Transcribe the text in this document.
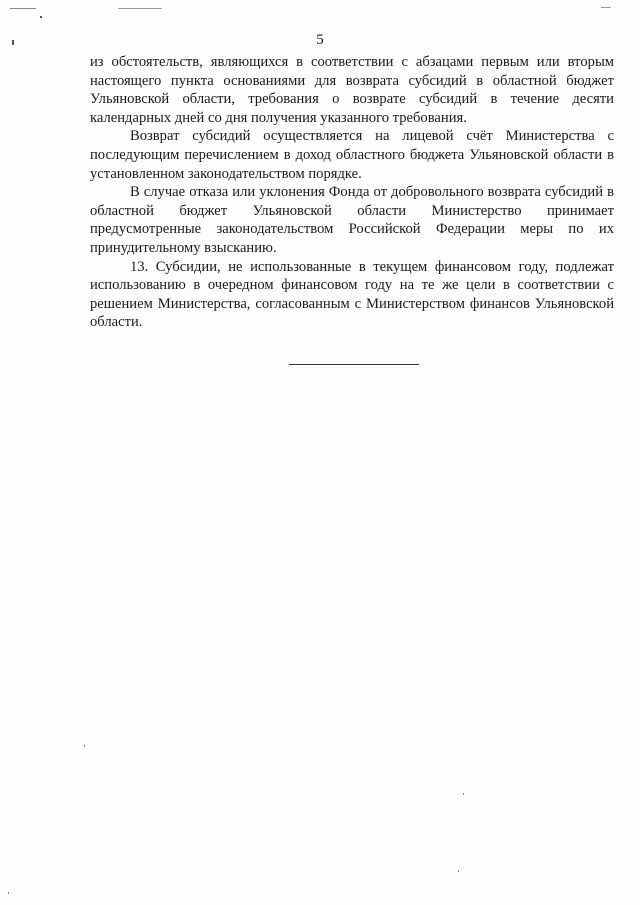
5

из обстоятельств, являющихся в соответствии с абзацами первым или вторым настоящего пункта основаниями для возврата субсидий в областной бюджет Ульяновской области, требования о возврате субсидий в течение десяти календарных дней со дня получения указанного требования.

Возврат субсидий осуществляется на лицевой счёт Министерства с последующим перечислением в доход областного бюджета Ульяновской области в установленном законодательством порядке.

В случае отказа или уклонения Фонда от добровольного возврата субсидий в областной бюджет Ульяновской области Министерство принимает предусмотренные законодательством Российской Федерации меры по их принудительному взысканию.

13. Субсидии, не использованные в текущем финансовом году, подлежат использованию в очередном финансовом году на те же цели в соответствии с решением Министерства, согласованным с Министерством финансов Ульяновской области.
